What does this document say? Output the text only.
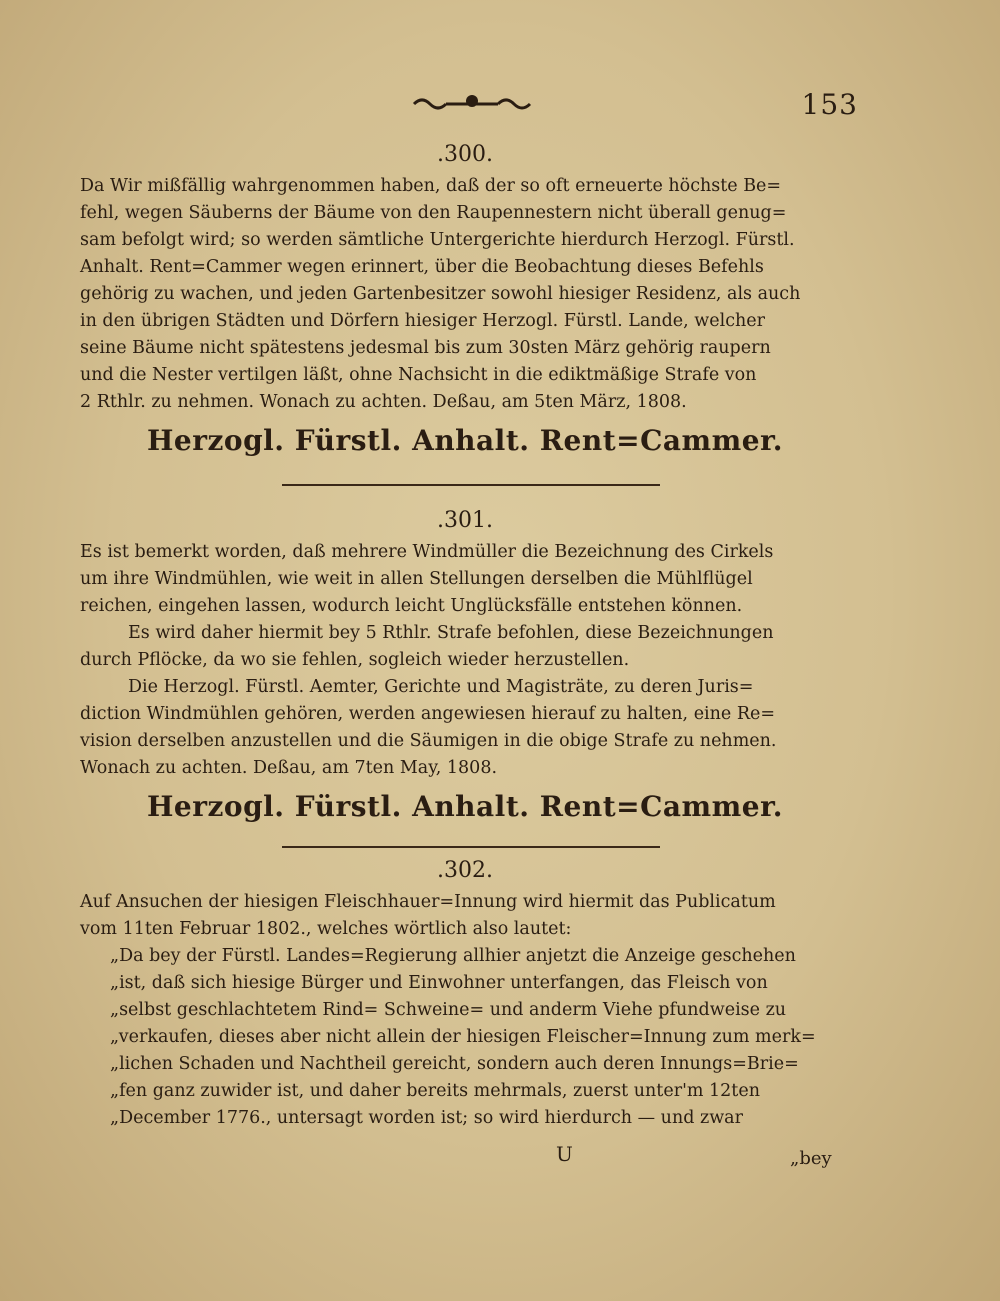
153

.300.

Da Wir mißfällig wahrgenommen haben, daß der so oft erneuerte höchste Be=

fehl, wegen Säuberns der Bäume von den Raupennestern nicht überall genug=

sam befolgt wird; so werden sämtliche Untergerichte hierdurch Herzogl. Fürstl.

Anhalt. Rent=Cammer wegen erinnert, über die Beobachtung dieses Befehls

gehörig zu wachen, und jeden Gartenbesitzer sowohl hiesiger Residenz, als auch

in den übrigen Städten und Dörfern hiesiger Herzogl. Fürstl. Lande, welcher

seine Bäume nicht spätestens jedesmal bis zum 30sten März gehörig raupern

und die Nester vertilgen läßt, ohne Nachsicht in die ediktmäßige Strafe von

2 Rthlr. zu nehmen. Wonach zu achten. Deßau, am 5ten März, 1808.

Herzogl. Fürstl. Anhalt. Rent=Cammer.

.301.

Es ist bemerkt worden, daß mehrere Windmüller die Bezeichnung des Cirkels

um ihre Windmühlen, wie weit in allen Stellungen derselben die Mühlflügel

reichen, eingehen lassen, wodurch leicht Unglücksfälle entstehen können.

Es wird daher hiermit bey 5 Rthlr. Strafe befohlen, diese Bezeichnungen

durch Pflöcke, da wo sie fehlen, sogleich wieder herzustellen.

Die Herzogl. Fürstl. Aemter, Gerichte und Magisträte, zu deren Juris=

diction Windmühlen gehören, werden angewiesen hierauf zu halten, eine Re=

vision derselben anzustellen und die Säumigen in die obige Strafe zu nehmen.

Wonach zu achten. Deßau, am 7ten May, 1808.

Herzogl. Fürstl. Anhalt. Rent=Cammer.

.302.

Auf Ansuchen der hiesigen Fleischhauer=Innung wird hiermit das Publicatum

vom 11ten Februar 1802., welches wörtlich also lautet:

„Da bey der Fürstl. Landes=Regierung allhier anjetzt die Anzeige geschehen

„ist, daß sich hiesige Bürger und Einwohner unterfangen, das Fleisch von

„selbst geschlachtetem Rind= Schweine= und anderm Viehe pfundweise zu

„verkaufen, dieses aber nicht allein der hiesigen Fleischer=Innung zum merk=

„lichen Schaden und Nachtheil gereicht, sondern auch deren Innungs=Brie=

„fen ganz zuwider ist, und daher bereits mehrmals, zuerst unter'm 12ten

„December 1776., untersagt worden ist; so wird hierdurch — und zwar

U	„bey
